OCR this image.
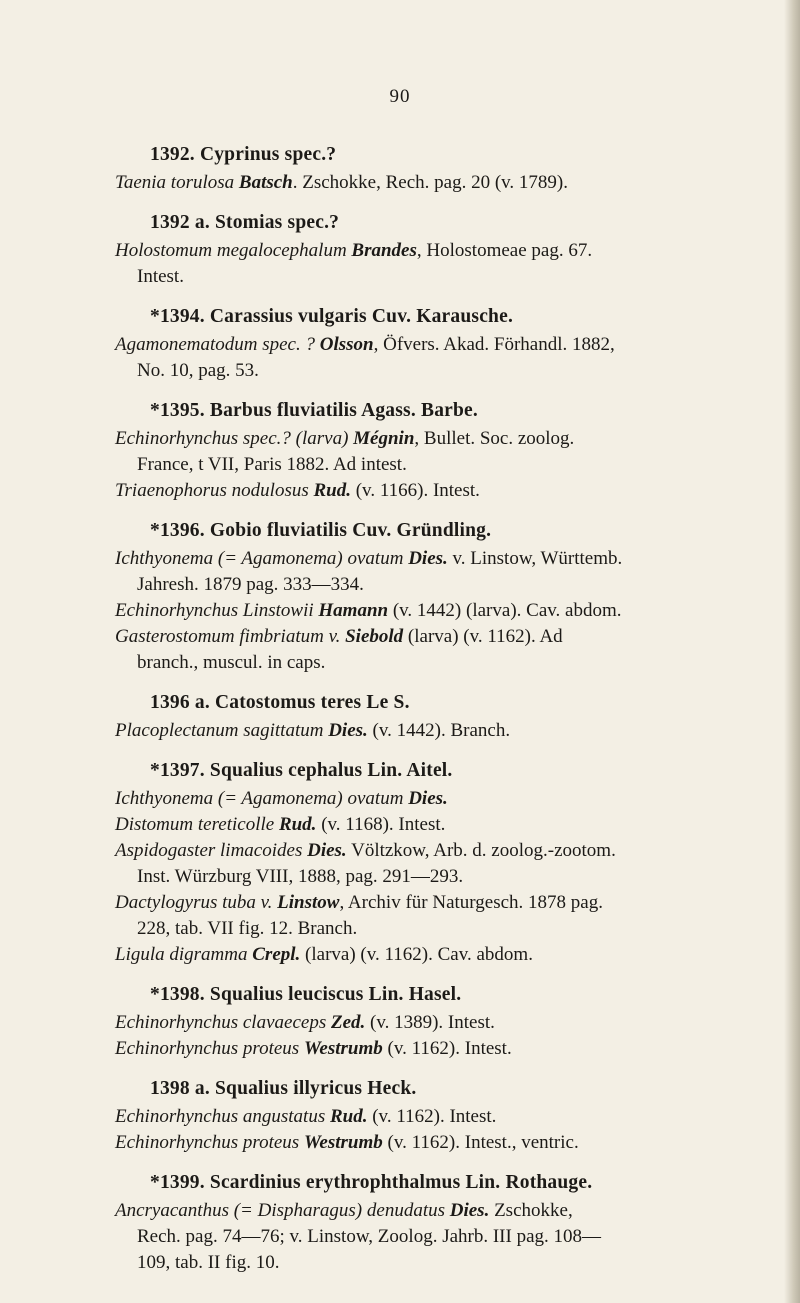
90
1392. Cyprinus spec.?
Taenia torulosa Batsch. Zschokke, Rech. pag. 20 (v. 1789).
1392 a. Stomias spec.?
Holostomum megalocephalum Brandes, Holostomeae pag. 67.
Intest.
*1394. Carassius vulgaris Cuv. Karausche.
Agamonematodum spec. ? Olsson, Öfvers. Akad. Förhandl. 1882,
No. 10, pag. 53.
*1395. Barbus fluviatilis Agass. Barbe.
Echinorhynchus spec.? (larva) Mégnin, Bullet. Soc. zoolog.
France, t VII, Paris 1882. Ad intest.
Triaenophorus nodulosus Rud. (v. 1166). Intest.
*1396. Gobio fluviatilis Cuv. Gründling.
Ichthyonema (= Agamonema) ovatum Dies. v. Linstow, Württemb.
Jahresh. 1879 pag. 333—334.
Echinorhynchus Linstowii Hamann (v. 1442) (larva). Cav. abdom.
Gasterostomum fimbriatum v. Siebold (larva) (v. 1162). Ad
branch., muscul. in caps.
1396 a. Catostomus teres Le S.
Placoplectanum sagittatum Dies. (v. 1442). Branch.
*1397. Squalius cephalus Lin. Aitel.
Ichthyonema (= Agamonema) ovatum Dies.
Distomum tereticolle Rud. (v. 1168). Intest.
Aspidogaster limacoides Dies. Völtzkow, Arb. d. zoolog.-zootom.
Inst. Würzburg VIII, 1888, pag. 291—293.
Dactylogyrus tuba v. Linstow, Archiv für Naturgesch. 1878 pag.
228, tab. VII fig. 12. Branch.
Ligula digramma Crepl. (larva) (v. 1162). Cav. abdom.
*1398. Squalius leuciscus Lin. Hasel.
Echinorhynchus clavaeceps Zed. (v. 1389). Intest.
Echinorhynchus proteus Westrumb (v. 1162). Intest.
1398 a. Squalius illyricus Heck.
Echinorhynchus angustatus Rud. (v. 1162). Intest.
Echinorhynchus proteus Westrumb (v. 1162). Intest., ventric.
*1399. Scardinius erythrophthalmus Lin. Rothauge.
Ancryacanthus (= Dispharagus) denudatus Dies. Zschokke,
Rech. pag. 74—76; v. Linstow, Zoolog. Jahrb. III pag. 108—
109, tab. II fig. 10.
